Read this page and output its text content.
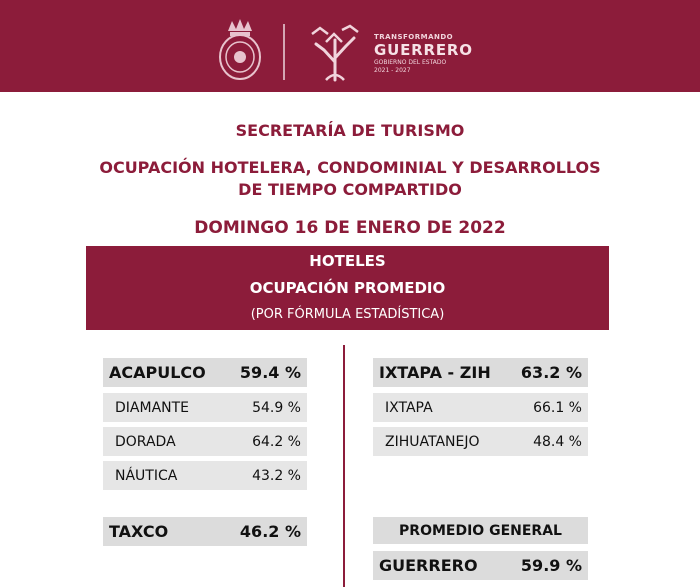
TRANSFORMANDO
GUERRERO
GOBIERNO DEL ESTADO
2021 - 2027
SECRETARÍA DE TURISMO
OCUPACIÓN HOTELERA, CONDOMINIAL Y DESARROLLOS
DE TIEMPO COMPARTIDO
DOMINGO 16 DE ENERO DE 2022
HOTELES
OCUPACIÓN PROMEDIO
(POR FÓRMULA ESTADÍSTICA)
ACAPULCO 59.4 %
DIAMANTE	54.9 %
DORADA	64.2 %
NÁUTICA	43.2 %
TAXCO	46.2 %
IXTAPA - ZIH 63.2 %
IXTAPA	66.1 %
ZIHUATANEJO	48.4 %
PROMEDIO GENERAL
GUERRERO	59.9 %
